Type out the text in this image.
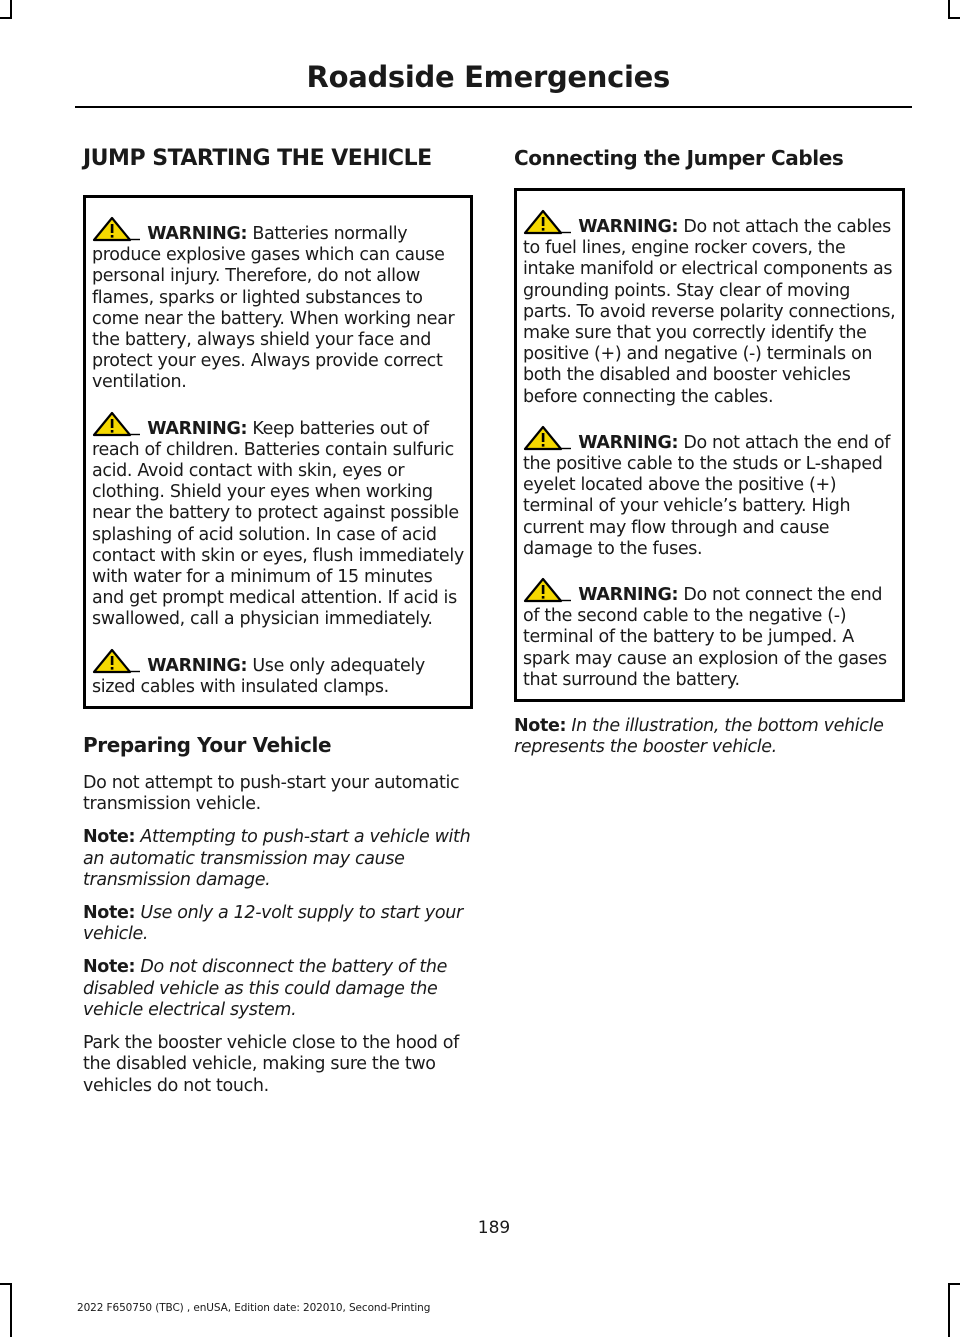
Roadside Emergencies
JUMP STARTING THE VEHICLE
WARNING: Batteries normally produce explosive gases which can cause personal injury. Therefore, do not allow flames, sparks or lighted substances to come near the battery. When working near the battery, always shield your face and protect your eyes. Always provide correct ventilation.
WARNING: Keep batteries out of reach of children. Batteries contain sulfuric acid. Avoid contact with skin, eyes or clothing. Shield your eyes when working near the battery to protect against possible splashing of acid solution. In case of acid contact with skin or eyes, flush immediately with water for a minimum of 15 minutes and get prompt medical attention. If acid is swallowed, call a physician immediately.
WARNING: Use only adequately sized cables with insulated clamps.
Preparing Your Vehicle

Do not attempt to push-start your automatic transmission vehicle.

Note: Attempting to push-start a vehicle with an automatic transmission may cause transmission damage.

Note: Use only a 12-volt supply to start your vehicle.

Note: Do not disconnect the battery of the disabled vehicle as this could damage the vehicle electrical system.

Park the booster vehicle close to the hood of the disabled vehicle, making sure the two vehicles do not touch.

Connecting the Jumper Cables
WARNING: Do not attach the cables to fuel lines, engine rocker covers, the intake manifold or electrical components as grounding points. Stay clear of moving parts. To avoid reverse polarity connections, make sure that you correctly identify the positive (+) and negative (-) terminals on both the disabled and booster vehicles before connecting the cables.
WARNING: Do not attach the end of the positive cable to the studs or L-shaped eyelet located above the positive (+) terminal of your vehicle’s battery. High current may flow through and cause damage to the fuses.
WARNING: Do not connect the end of the second cable to the negative (-) terminal of the battery to be jumped. A spark may cause an explosion of the gases that surround the battery.

Note: In the illustration, the bottom vehicle represents the booster vehicle.

189
2022 F650750 (TBC) , enUSA, Edition date: 202010, Second-Printing
